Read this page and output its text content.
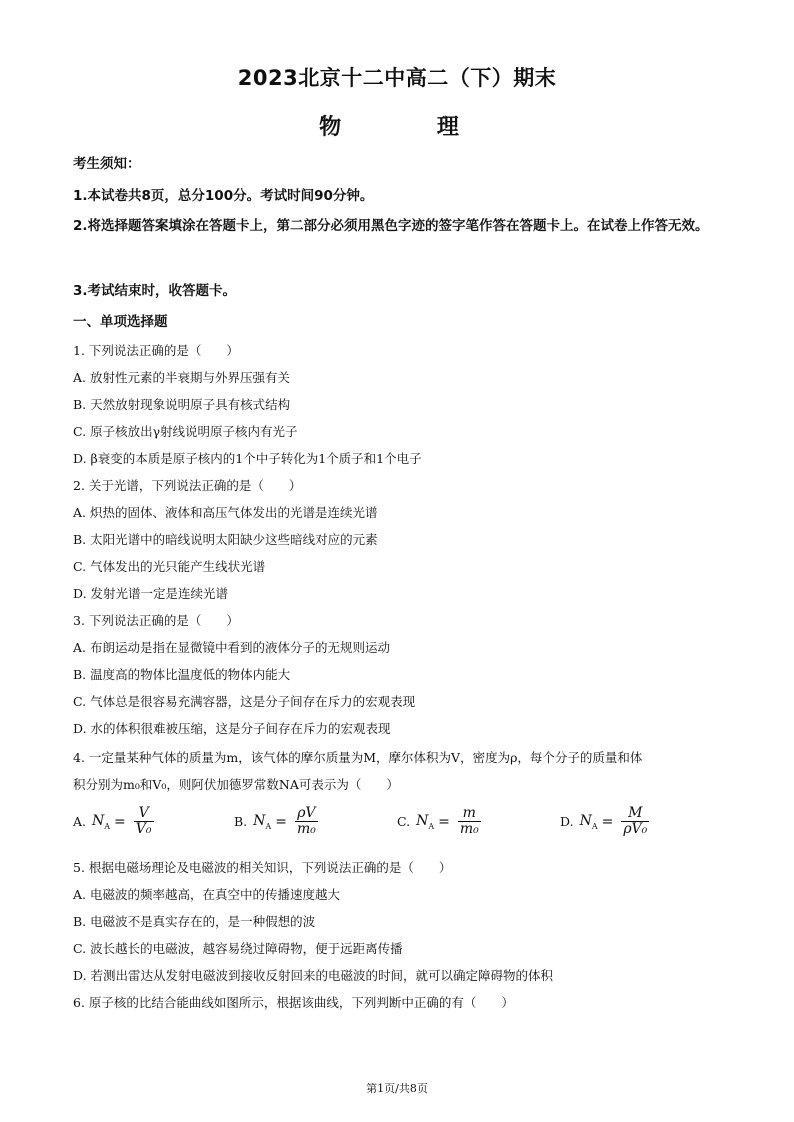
2023北京十二中高二（下）期末
物 理
考生须知：
1.本试卷共8页，总分100分。考试时间90分钟。
2.将选择题答案填涂在答题卡上，第二部分必须用黑色字迹的签字笔作答在答题卡上。在试卷上作答无效。
3.考试结束时，收答题卡。
一、单项选择题
1. 下列说法正确的是（　　）
A. 放射性元素的半衰期与外界压强有关
B. 天然放射现象说明原子具有核式结构
C. 原子核放出γ射线说明原子核内有光子
D. β衰变的本质是原子核内的1个中子转化为1个质子和1个电子
2. 关于光谱，下列说法正确的是（　　）
A. 炽热的固体、液体和高压气体发出的光谱是连续光谱
B. 太阳光谱中的暗线说明太阳缺少这些暗线对应的元素
C. 气体发出的光只能产生线状光谱
D. 发射光谱一定是连续光谱
3. 下列说法正确的是（　　）
A. 布朗运动是指在显微镜中看到的液体分子的无规则运动
B. 温度高的物体比温度低的物体内能大
C. 气体总是很容易充满容器，这是分子间存在斥力的宏观表现
D. 水的体积很难被压缩，这是分子间存在斥力的宏观表现
4. 一定量某种气体的质量为m，该气体的摩尔质量为M，摩尔体积为V，密度为ρ，每个分子的质量和体
积分别为m₀和V₀，则阿伏加德罗常数NA可表示为（　　）
A. $N_A = \frac{V}{\text{V₀}}$	B. $N_A = \frac{\rho V}{\text{m₀}}$	C. $N_A = \frac{m}{\text{m₀}}$	D. $N_A = \frac{M}{\text{ρV₀}}$
5. 根据电磁场理论及电磁波的相关知识，下列说法正确的是（　　）
A. 电磁波的频率越高，在真空中的传播速度越大
B. 电磁波不是真实存在的，是一种假想的波
C. 波长越长的电磁波，越容易绕过障碍物，便于远距离传播
D. 若测出雷达从发射电磁波到接收反射回来的电磁波的时间，就可以确定障碍物的体积
6. 原子核的比结合能曲线如图所示，根据该曲线，下列判断中正确的有（　　）
第1页/共8页
